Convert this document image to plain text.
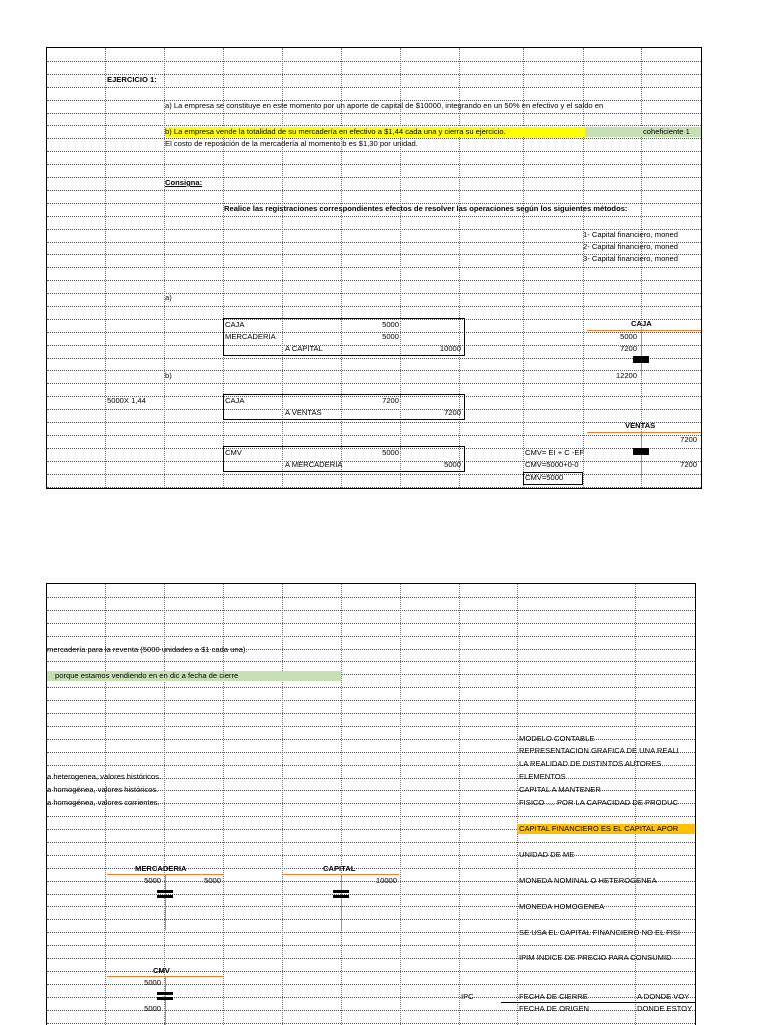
EJERCICIO 1:
a) La empresa se constituye en este momento por un aporte de capital de $10000, integrando en un 50% en efectivo y el saldo en
b) La empresa vende la totalidad de su mercadería en efectivo a $1,44 cada una y cierra su ejercicio.	coheficiente 1
El costo de reposición de la mercadería al momento b es $1,30 por unidad.
Consigna:
Realice las registraciones correspondientes efectos de resolver las operaciones según los siguientes métodos:
1- Capital financiero, moned
2- Capital financiero, moned
3- Capital financiero, moned
a)
CAJA	5000
MERCADERIA	5000
A CAPITAL	10000
b)
5000X 1,44	CAJA	7200
A VENTAS	7200
CMV	5000
A MERCADERIA	5000
CMV= EI + C -EF
CMV=5000+0-0
CMV=5000
CAJA
5000
7200
12200
VENTAS
7200
7200
mercadería para la reventa (5000 unidades a $1 cada una).
porque estamos vendiendo en en dic a fecha de cierre
MODELO CONTABLE
REPRESENTACION GRAFICA DE UNA REALI
LA REALIDAD DE DISTINTOS AUTORES
ELEMENTOS
CAPITAL A MANTENER
FISICO .... POR LA CAPACIDAD DE PRODUC
a heterogenea, valores históricos.
a homogénea, valores históricos.
a homogénea, valores corrientes.
CAPITAL FINANCIERO ES EL CAPITAL APOR
UNIDAD DE ME
MONEDA NOMINAL O HETEROGENEA
MONEDA HOMOGENEA
SE USA EL CAPITAL FINANCIERO NO EL FISI
IPIM INDICE DE PRECIO PARA CONSUMID
IPC	FECHA DE CIERRE	A DONDE VOY
FECHA DE ORIGEN	DONDE ESTOY
MERCADERIA
5000	5000
CAPITAL
10000
CMV
5000
5000
